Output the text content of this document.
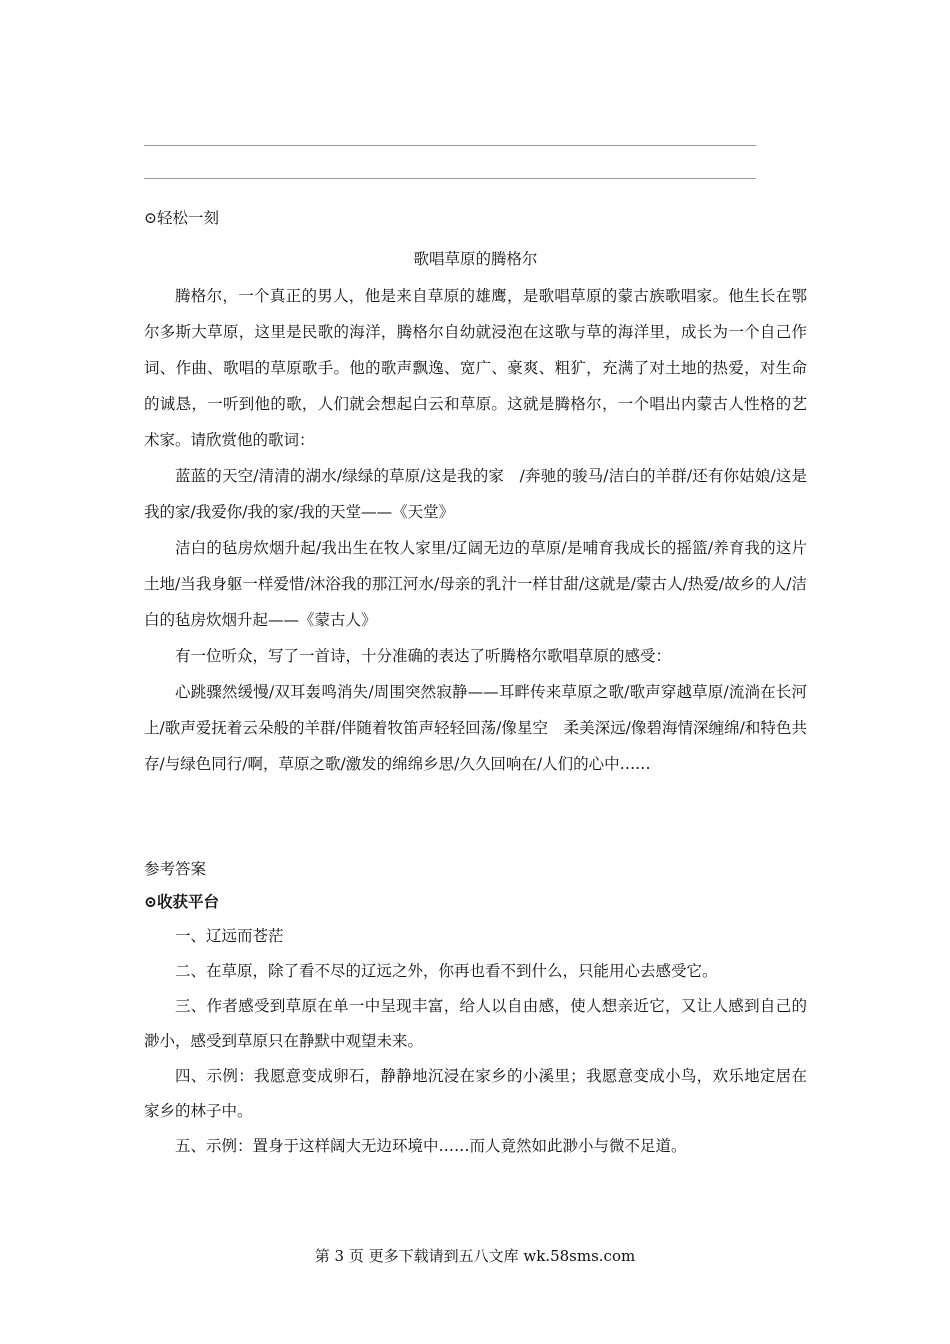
⊙轻松一刻
歌唱草原的腾格尔

腾格尔，一个真正的男人，他是来自草原的雄鹰，是歌唱草原的蒙古族歌唱家。他生长在鄂尔多斯大草原，这里是民歌的海洋，腾格尔自幼就浸泡在这歌与草的海洋里，成长为一个自己作词、作曲、歌唱的草原歌手。他的歌声飘逸、宽广、豪爽、粗犷，充满了对土地的热爱，对生命的诚恳，一听到他的歌，人们就会想起白云和草原。这就是腾格尔，一个唱出内蒙古人性格的艺术家。请欣赏他的歌词：

蓝蓝的天空/清清的湖水/绿绿的草原/这是我的家　/奔驰的骏马/洁白的羊群/还有你姑娘/这是我的家/我爱你/我的家/我的天堂——《天堂》

洁白的毡房炊烟升起/我出生在牧人家里/辽阔无边的草原/是哺育我成长的摇篮/养育我的这片土地/当我身躯一样爱惜/沐浴我的那江河水/母亲的乳汁一样甘甜/这就是/蒙古人/热爱/故乡的人/洁白的毡房炊烟升起——《蒙古人》

有一位听众，写了一首诗，十分准确的表达了听腾格尔歌唱草原的感受：

心跳骤然缓慢/双耳轰鸣消失/周围突然寂静——耳畔传来草原之歌/歌声穿越草原/流淌在长河上/歌声爱抚着云朵般的羊群/伴随着牧笛声轻轻回荡/像星空　柔美深远/像碧海情深缠绵/和特色共存/与绿色同行/啊，草原之歌/激发的绵绵乡思/久久回响在/人们的心中……

参考答案
⊙收获平台

一、辽远而苍茫

二、在草原，除了看不尽的辽远之外，你再也看不到什么，只能用心去感受它。

三、作者感受到草原在单一中呈现丰富，给人以自由感，使人想亲近它，又让人感到自己的渺小，感受到草原只在静默中观望未来。

四、示例：我愿意变成卵石，静静地沉浸在家乡的小溪里；我愿意变成小鸟，欢乐地定居在家乡的林子中。

五、示例：置身于这样阔大无边环境中……而人竟然如此渺小与微不足道。

第 3 页 更多下载请到五八文库 wk.58sms.com
